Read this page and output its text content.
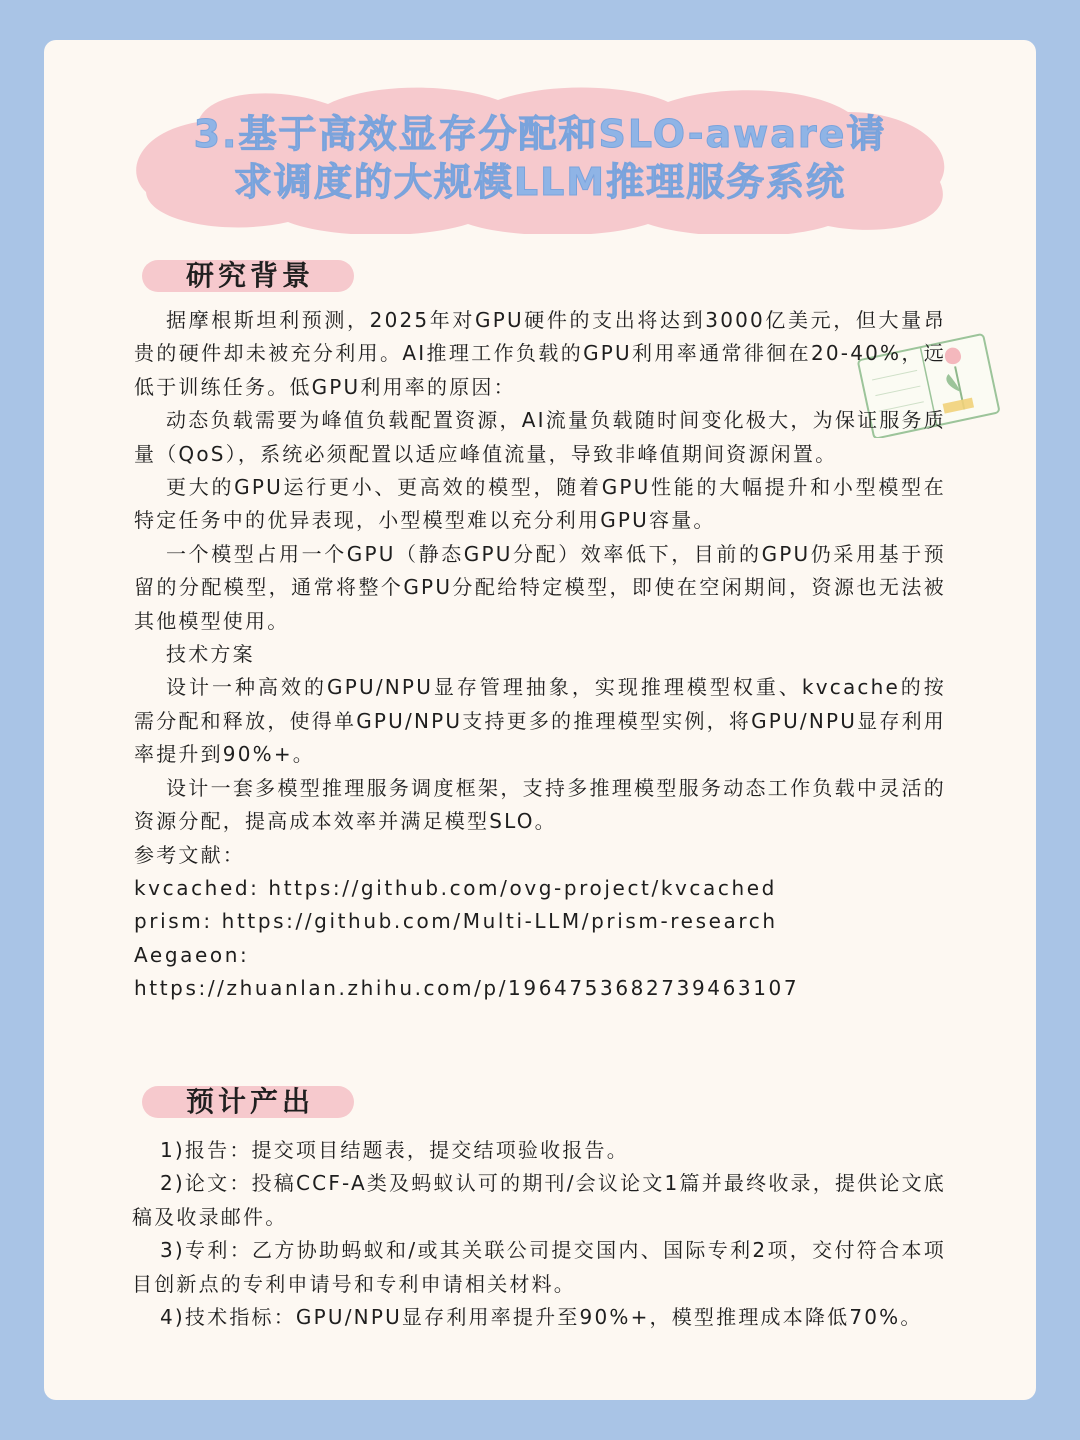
3.基于高效显存分配和SLO-aware请
求调度的大规模LLM推理服务系统
研究背景

据摩根斯坦利预测，2025年对GPU硬件的支出将达到3000亿美元，但大量昂贵的硬件却未被充分利用。AI推理工作负载的GPU利用率通常徘徊在20-40%，远低于训练任务。低GPU利用率的原因：

动态负载需要为峰值负载配置资源，AI流量负载随时间变化极大，为保证服务质量（QoS），系统必须配置以适应峰值流量，导致非峰值期间资源闲置。

更大的GPU运行更小、更高效的模型，随着GPU性能的大幅提升和小型模型在特定任务中的优异表现，小型模型难以充分利用GPU容量。

一个模型占用一个GPU（静态GPU分配）效率低下，目前的GPU仍采用基于预留的分配模型，通常将整个GPU分配给特定模型，即使在空闲期间，资源也无法被其他模型使用。

技术方案

设计一种高效的GPU/NPU显存管理抽象，实现推理模型权重、kvcache的按需分配和释放，使得单GPU/NPU支持更多的推理模型实例，将GPU/NPU显存利用率提升到90%+。

设计一套多模型推理服务调度框架，支持多推理模型服务动态工作负载中灵活的资源分配，提高成本效率并满足模型SLO。

参考文献：

kvcached: https://github.com/ovg-project/kvcached

prism: https://github.com/Multi-LLM/prism-research

Aegaeon:

https://zhuanlan.zhihu.com/p/1964753682739463107

预计产出

1)报告：提交项目结题表，提交结项验收报告。

2)论文：投稿CCF-A类及蚂蚁认可的期刊/会议论文1篇并最终收录，提供论文底稿及收录邮件。

3)专利：乙方协助蚂蚁和/或其关联公司提交国内、国际专利2项，交付符合本项目创新点的专利申请号和专利申请相关材料。

4)技术指标：GPU/NPU显存利用率提升至90%+，模型推理成本降低70%。
